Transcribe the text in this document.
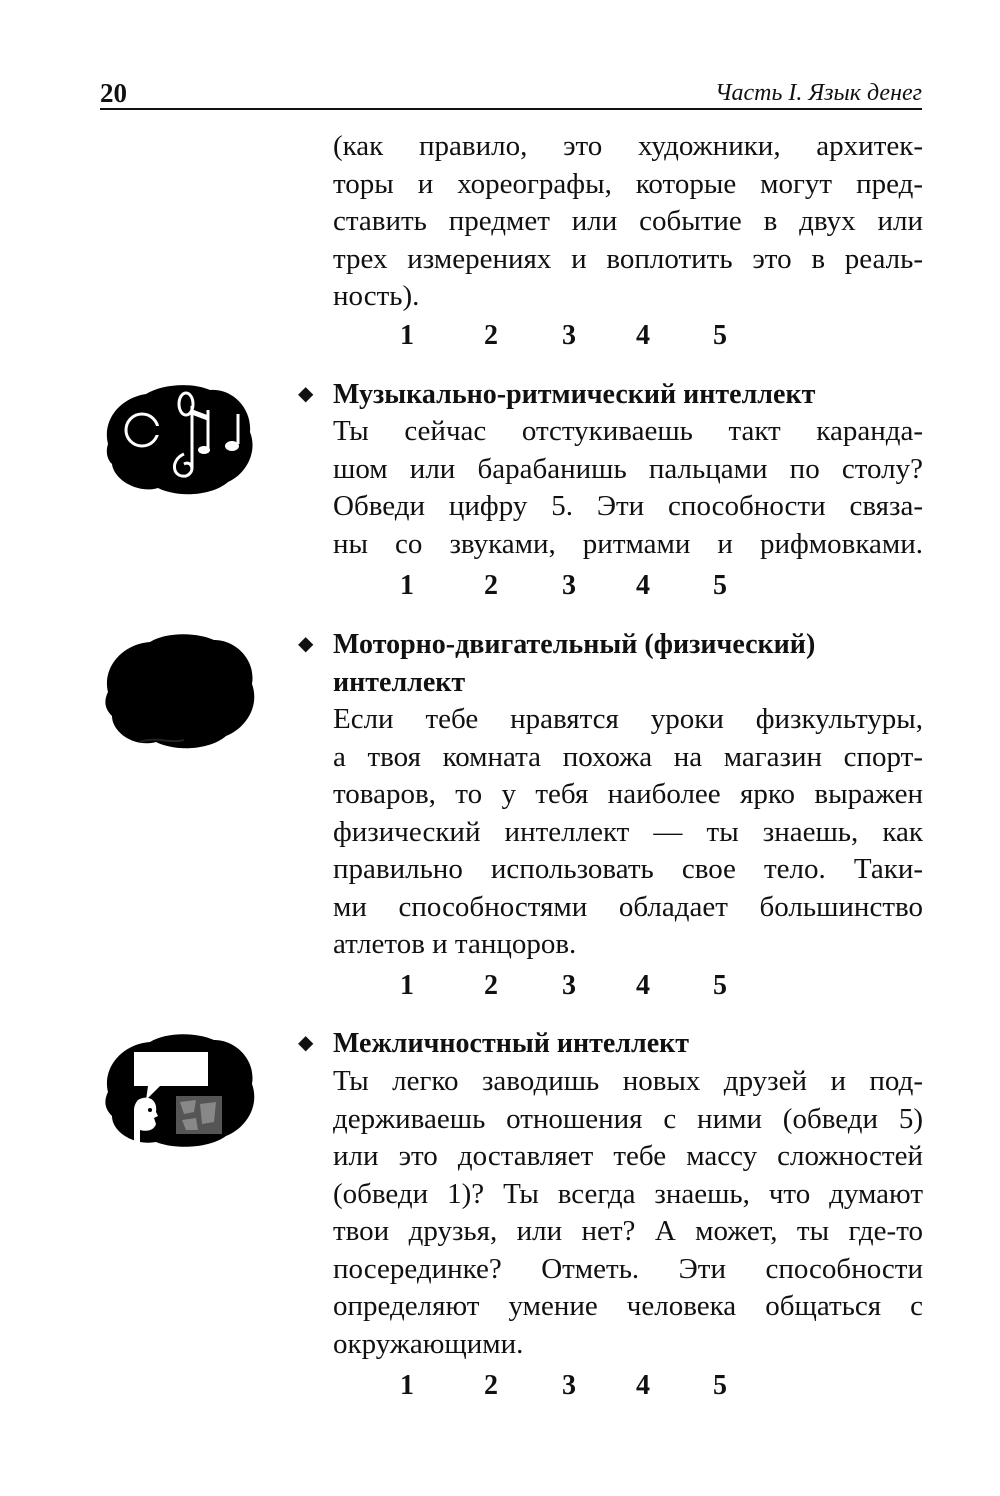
20	Часть I. Язык денег

(как правило, это художники, архитек-
торы и хореографы, которые могут пред-
ставить предмет или событие в двух или
трех измерениях и воплотить это в реаль-
ность).

1	2 3 4 5
◆ Музыкально-ритмический интеллект

Ты сейчас отстукиваешь такт каранда-
шом или барабанишь пальцами по столу?
Обведи цифру 5. Эти способности связа-
ны со звуками, ритмами и рифмовками.

1	2 3 4 5
◆ Моторно-двигательный (физический)
интеллект

Если тебе нравятся уроки физкультуры,
а твоя комната похожа на магазин спорт-
товаров, то у тебя наиболее ярко выражен
физический интеллект — ты знаешь, как
правильно использовать свое тело. Таки-
ми способностями обладает большинство
атлетов и танцоров.

1	2 3 4 5
◆ Межличностный интеллект

Ты легко заводишь новых друзей и под-
держиваешь отношения с ними (обведи 5)
или это доставляет тебе массу сложностей
(обведи 1)? Ты всегда знаешь, что думают
твои друзья, или нет? А может, ты где-то
посерединке? Отметь. Эти способности
определяют умение человека общаться с
окружающими.

1	2 3 4 5
